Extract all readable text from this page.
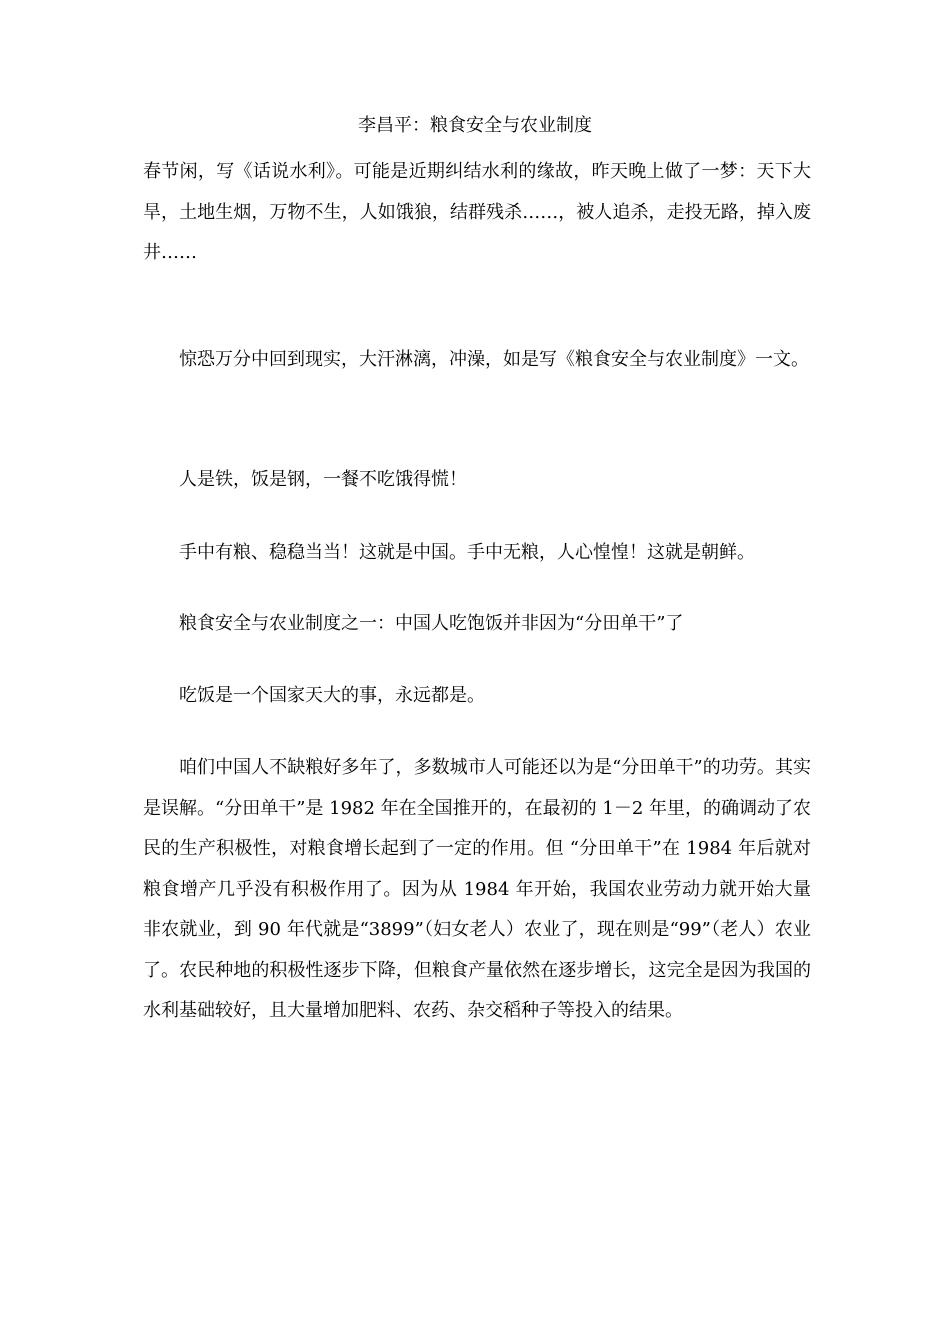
李昌平：粮食安全与农业制度

春节闲，写《话说水利》。可能是近期纠结水利的缘故，昨天晚上做了一梦：天下大旱，土地生烟，万物不生，人如饿狼，结群残杀……，被人追杀，走投无路，掉入废井……

惊恐万分中回到现实，大汗淋漓，冲澡，如是写《粮食安全与农业制度》一文。

人是铁，饭是钢，一餐不吃饿得慌！

手中有粮、稳稳当当！这就是中国。手中无粮，人心惶惶！这就是朝鲜。

粮食安全与农业制度之一：中国人吃饱饭并非因为“分田单干”了

吃饭是一个国家天大的事，永远都是。

咱们中国人不缺粮好多年了，多数城市人可能还以为是“分田单干”的功劳。其实是误解。“分田单干”是 1982 年在全国推开的，在最初的 1－2 年里，的确调动了农民的生产积极性，对粮食增长起到了一定的作用。但 “分田单干”在 1984 年后就对粮食增产几乎没有积极作用了。因为从 1984 年开始，我国农业劳动力就开始大量非农就业，到 90 年代就是“3899”（妇女老人）农业了，现在则是“99”（老人）农业了。农民种地的积极性逐步下降，但粮食产量依然在逐步增长，这完全是因为我国的水利基础较好，且大量增加肥料、农药、杂交稻种子等投入的结果。
